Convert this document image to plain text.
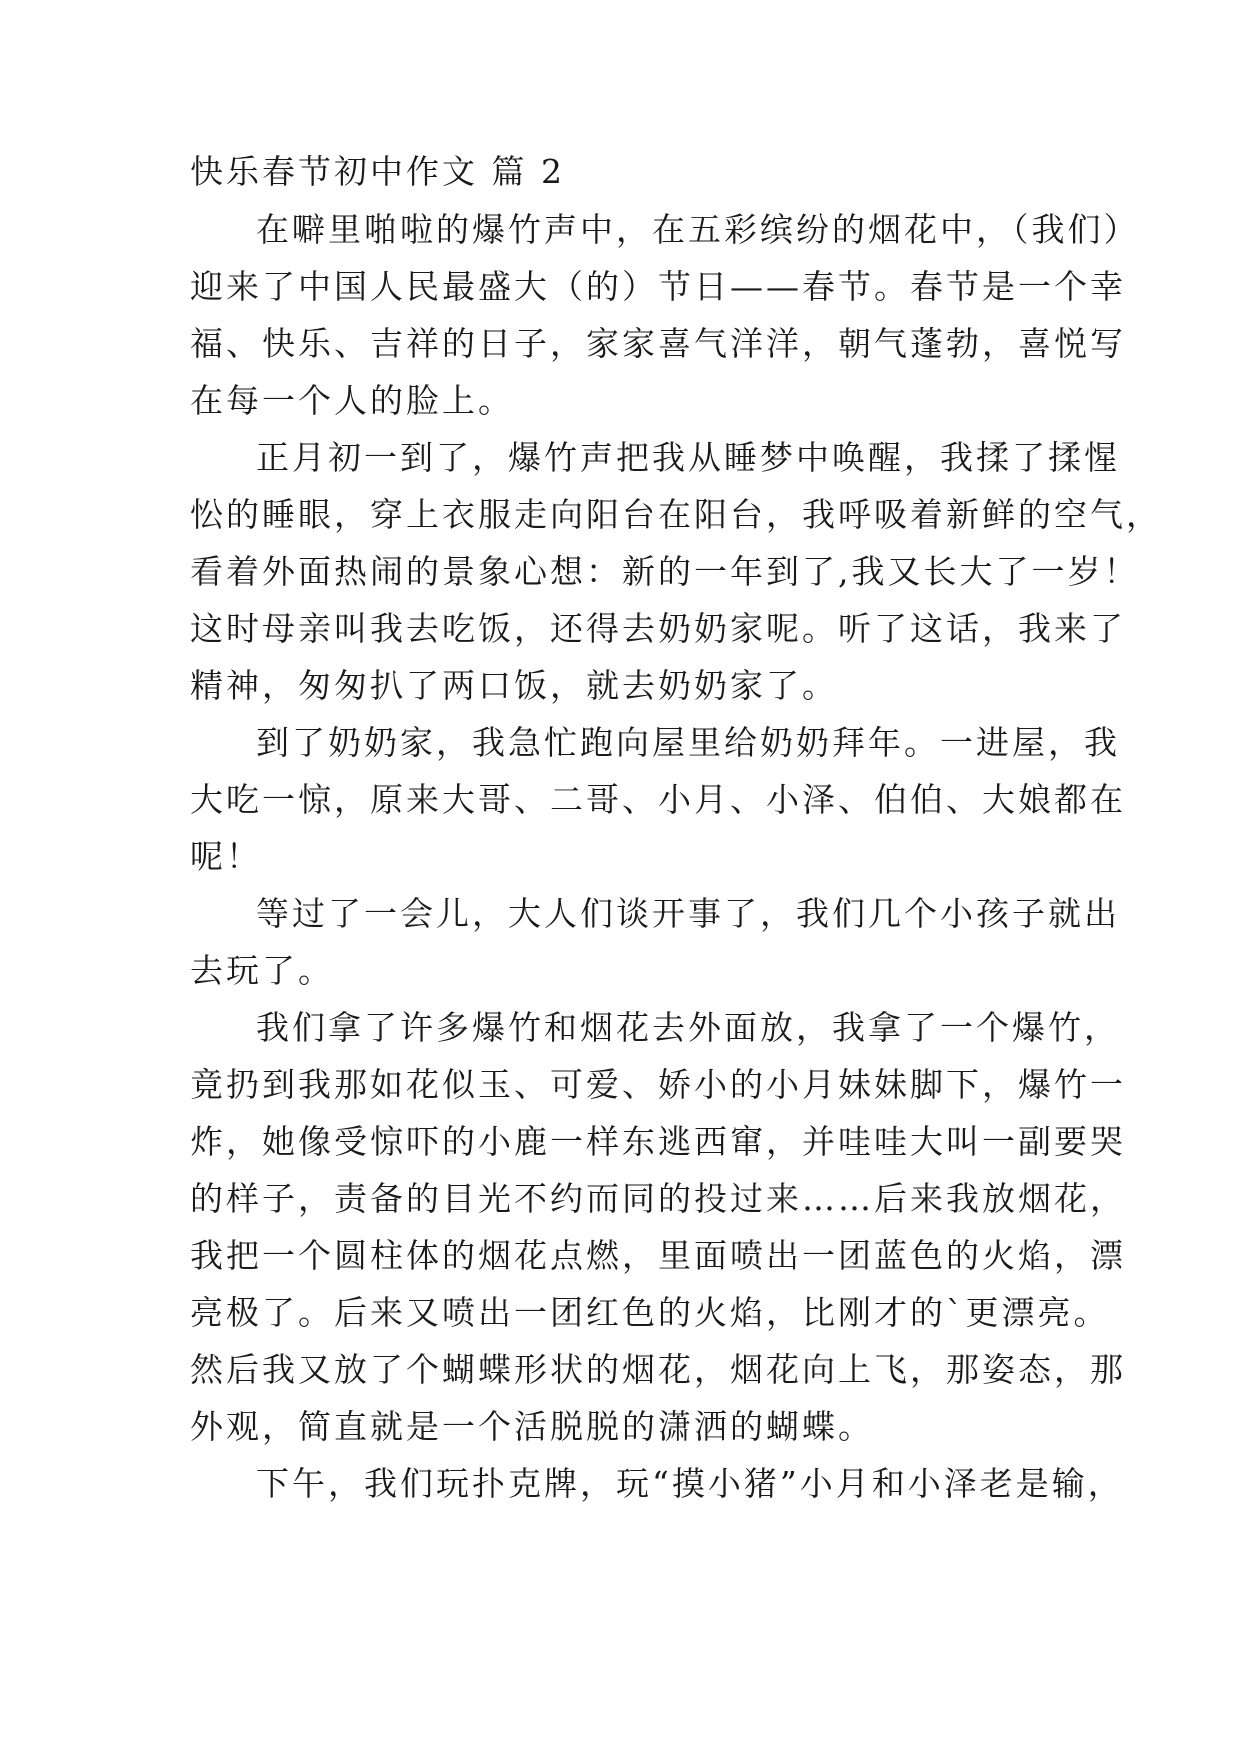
快乐春节初中作文 篇 2
在噼里啪啦的爆竹声中，在五彩缤纷的烟花中，（我们）
迎来了中国人民最盛大（的）节日——春节。春节是一个幸
福、快乐、吉祥的日子，家家喜气洋洋，朝气蓬勃，喜悦写
在每一个人的脸上。
正月初一到了，爆竹声把我从睡梦中唤醒，我揉了揉惺
忪的睡眼，穿上衣服走向阳台在阳台，我呼吸着新鲜的空气，
看着外面热闹的景象心想：新的一年到了,我又长大了一岁！
这时母亲叫我去吃饭，还得去奶奶家呢。听了这话，我来了
精神，匆匆扒了两口饭，就去奶奶家了。
到了奶奶家，我急忙跑向屋里给奶奶拜年。一进屋，我
大吃一惊，原来大哥、二哥、小月、小泽、伯伯、大娘都在
呢！
等过了一会儿，大人们谈开事了，我们几个小孩子就出
去玩了。
我们拿了许多爆竹和烟花去外面放，我拿了一个爆竹，
竟扔到我那如花似玉、可爱、娇小的小月妹妹脚下，爆竹一
炸，她像受惊吓的小鹿一样东逃西窜，并哇哇大叫一副要哭
的样子，责备的目光不约而同的投过来……后来我放烟花，
我把一个圆柱体的烟花点燃，里面喷出一团蓝色的火焰，漂
亮极了。后来又喷出一团红色的火焰，比刚才的`更漂亮。
然后我又放了个蝴蝶形状的烟花，烟花向上飞，那姿态，那
外观，简直就是一个活脱脱的潇洒的蝴蝶。
下午，我们玩扑克牌，玩“摸小猪”小月和小泽老是输，
